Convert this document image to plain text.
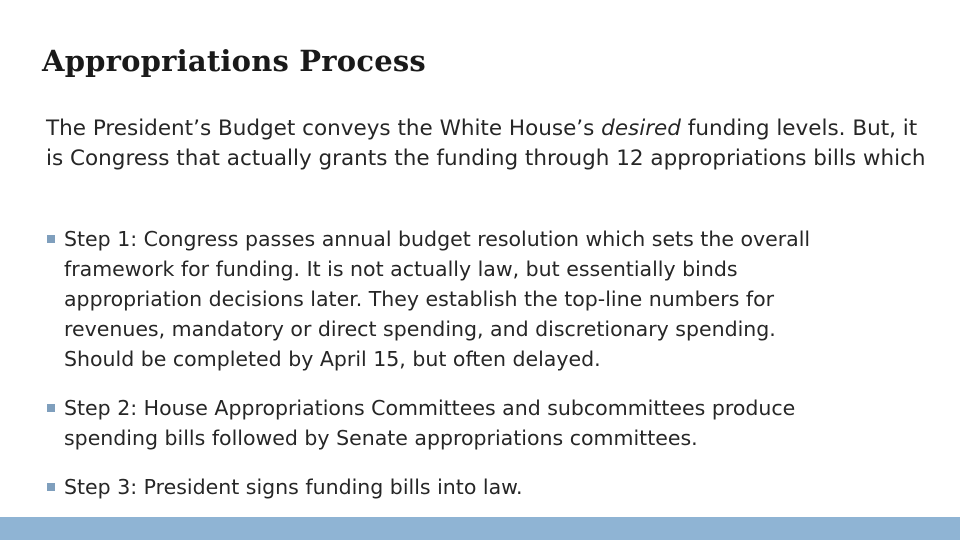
Appropriations Process

The President’s Budget conveys the White House’s desired funding levels. But, it is Congress that actually grants the funding through 12 appropriations bills which

Step 1: Congress passes annual budget resolution which sets the overall
framework for funding. It is not actually law, but essentially binds
appropriation decisions later. They establish the top-line numbers for
revenues, mandatory or direct spending, and discretionary spending.
Should be completed by April 15, but often delayed.
Step 2: House Appropriations Committees and subcommittees produce
spending bills followed by Senate appropriations committees.
Step 3: President signs funding bills into law.
